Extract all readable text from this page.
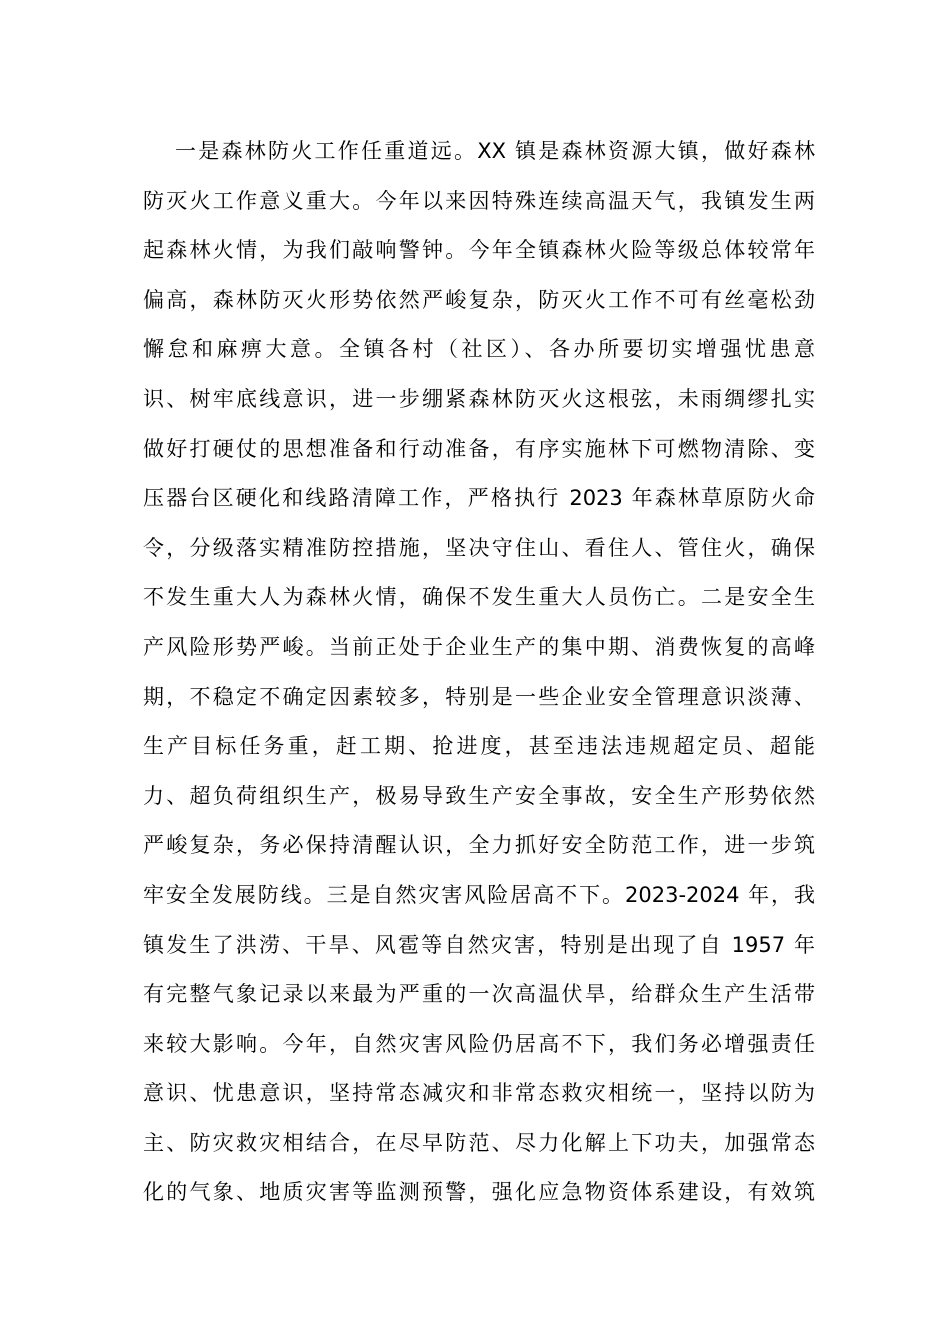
一是森林防火工作任重道远。XX 镇是森林资源大镇，做好森林
防灭火工作意义重大。今年以来因特殊连续高温天气，我镇发生两
起森林火情，为我们敲响警钟。今年全镇森林火险等级总体较常年
偏高，森林防灭火形势依然严峻复杂，防灭火工作不可有丝毫松劲
懈怠和麻痹大意。全镇各村（社区）、各办所要切实增强忧患意
识、树牢底线意识，进一步绷紧森林防灭火这根弦，未雨绸缪扎实
做好打硬仗的思想准备和行动准备，有序实施林下可燃物清除、变
压器台区硬化和线路清障工作，严格执行 2023 年森林草原防火命
令，分级落实精准防控措施，坚决守住山、看住人、管住火，确保
不发生重大人为森林火情，确保不发生重大人员伤亡。二是安全生
产风险形势严峻。当前正处于企业生产的集中期、消费恢复的高峰
期，不稳定不确定因素较多，特别是一些企业安全管理意识淡薄、
生产目标任务重，赶工期、抢进度，甚至违法违规超定员、超能
力、超负荷组织生产，极易导致生产安全事故，安全生产形势依然
严峻复杂，务必保持清醒认识，全力抓好安全防范工作，进一步筑
牢安全发展防线。三是自然灾害风险居高不下。2023-2024 年，我
镇发生了洪涝、干旱、风雹等自然灾害，特别是出现了自 1957 年
有完整气象记录以来最为严重的一次高温伏旱，给群众生产生活带
来较大影响。今年，自然灾害风险仍居高不下，我们务必增强责任
意识、忧患意识，坚持常态减灾和非常态救灾相统一，坚持以防为
主、防灾救灾相结合，在尽早防范、尽力化解上下功夫，加强常态
化的气象、地质灾害等监测预警，强化应急物资体系建设，有效筑
